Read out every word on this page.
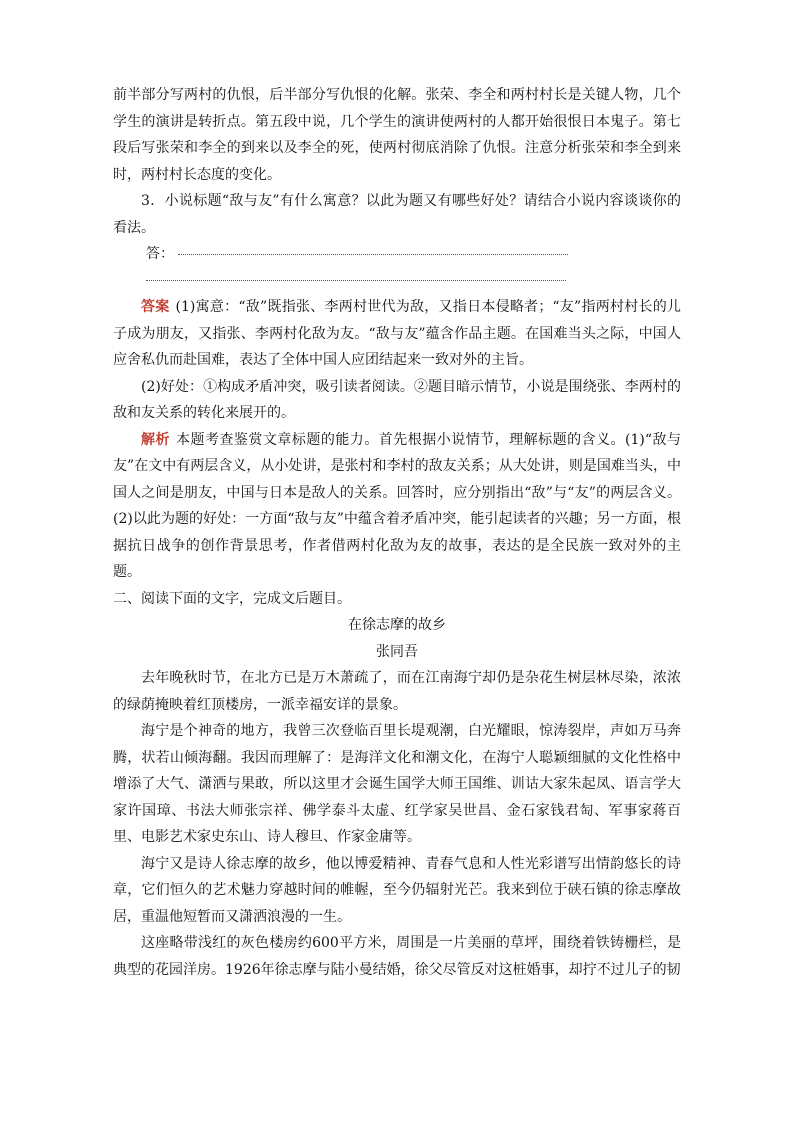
前半部分写两村的仇恨，后半部分写仇恨的化解。张荣、李全和两村村长是关键人物，几个学生的演讲是转折点。第五段中说，几个学生的演讲使两村的人都开始很恨日本鬼子。第七段后写张荣和李全的到来以及李全的死，使两村彻底消除了仇恨。注意分析张荣和李全到来时，两村村长态度的变化。

3．小说标题“敌与友”有什么寓意？以此为题又有哪些好处？请结合小说内容谈谈你的看法。

答：

答案 (1)寓意：“敌”既指张、李两村世代为敌，又指日本侵略者；“友”指两村村长的儿子成为朋友，又指张、李两村化敌为友。“敌与友”蕴含作品主题。在国难当头之际，中国人应舍私仇而赴国难，表达了全体中国人应团结起来一致对外的主旨。

(2)好处：①构成矛盾冲突，吸引读者阅读。②题目暗示情节，小说是围绕张、李两村的敌和友关系的转化来展开的。

解析 本题考查鉴赏文章标题的能力。首先根据小说情节，理解标题的含义。(1)“敌与友”在文中有两层含义，从小处讲，是张村和李村的敌友关系；从大处讲，则是国难当头，中国人之间是朋友，中国与日本是敌人的关系。回答时，应分别指出“敌”与“友”的两层含义。(2)以此为题的好处：一方面“敌与友”中蕴含着矛盾冲突，能引起读者的兴趣；另一方面，根据抗日战争的创作背景思考，作者借两村化敌为友的故事，表达的是全民族一致对外的主题。

二、阅读下面的文字，完成文后题目。

在徐志摩的故乡

张同吾

去年晚秋时节，在北方已是万木萧疏了，而在江南海宁却仍是杂花生树层林尽染，浓浓的绿荫掩映着红顶楼房，一派幸福安详的景象。

海宁是个神奇的地方，我曾三次登临百里长堤观潮，白光耀眼，惊涛裂岸，声如万马奔腾，状若山倾海翻。我因而理解了：是海洋文化和潮文化，在海宁人聪颖细腻的文化性格中增添了大气、潇洒与果敢，所以这里才会诞生国学大师王国维、训诂大家朱起凤、语言学大家许国璋、书法大师张宗祥、佛学泰斗太虚、红学家吴世昌、金石家钱君匋、军事家蒋百里、电影艺术家史东山、诗人穆旦、作家金庸等。

海宁又是诗人徐志摩的故乡，他以博爱精神、青春气息和人性光彩谱写出情韵悠长的诗章，它们恒久的艺术魅力穿越时间的帷幄，至今仍辐射光芒。我来到位于硖石镇的徐志摩故居，重温他短暂而又潇洒浪漫的一生。

这座略带浅红的灰色楼房约600平方米，周围是一片美丽的草坪，围绕着铁铸栅栏，是典型的花园洋房。1926年徐志摩与陆小曼结婚，徐父尽管反对这桩婚事，却拧不过儿子的韧
